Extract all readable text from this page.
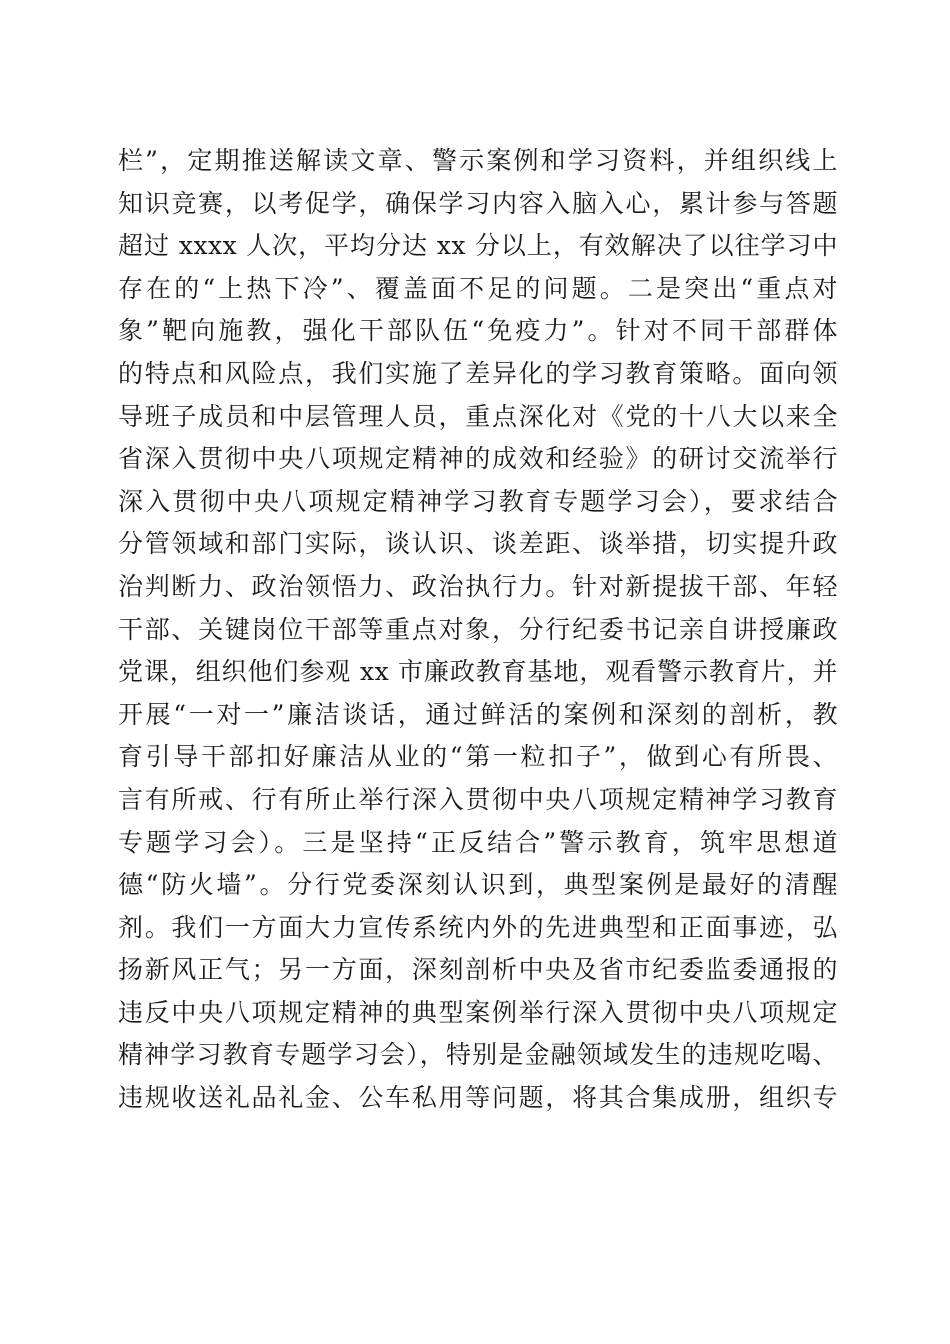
栏”，定期推送解读文章、警示案例和学习资料，并组织线上
知识竞赛，以考促学，确保学习内容入脑入心，累计参与答题
超过 xxxx 人次，平均分达 xx 分以上，有效解决了以往学习中
存在的“上热下冷”、覆盖面不足的问题。二是突出“重点对
象”靶向施教，强化干部队伍“免疫力”。针对不同干部群体
的特点和风险点，我们实施了差异化的学习教育策略。面向领
导班子成员和中层管理人员，重点深化对《党的十八大以来全
省深入贯彻中央八项规定精神的成效和经验》的研讨交流举行
深入贯彻中央八项规定精神学习教育专题学习会），要求结合
分管领域和部门实际，谈认识、谈差距、谈举措，切实提升政
治判断力、政治领悟力、政治执行力。针对新提拔干部、年轻
干部、关键岗位干部等重点对象，分行纪委书记亲自讲授廉政
党课，组织他们参观 xx 市廉政教育基地，观看警示教育片，并
开展“一对一”廉洁谈话，通过鲜活的案例和深刻的剖析，教
育引导干部扣好廉洁从业的“第一粒扣子”，做到心有所畏、
言有所戒、行有所止举行深入贯彻中央八项规定精神学习教育
专题学习会）。三是坚持“正反结合”警示教育，筑牢思想道
德“防火墙”。分行党委深刻认识到，典型案例是最好的清醒
剂。我们一方面大力宣传系统内外的先进典型和正面事迹，弘
扬新风正气；另一方面，深刻剖析中央及省市纪委监委通报的
违反中央八项规定精神的典型案例举行深入贯彻中央八项规定
精神学习教育专题学习会），特别是金融领域发生的违规吃喝、
违规收送礼品礼金、公车私用等问题，将其合集成册，组织专
